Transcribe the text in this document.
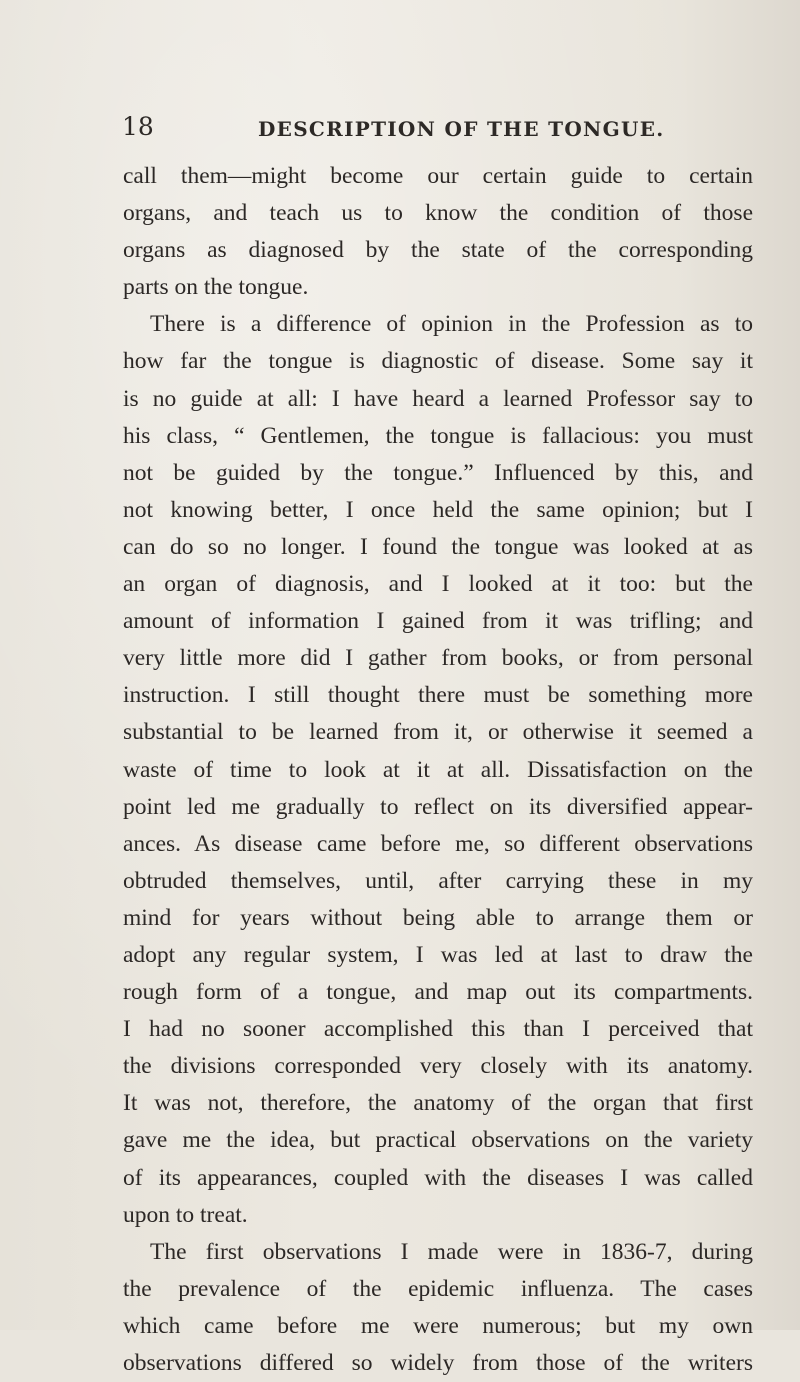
18	DESCRIPTION OF THE TONGUE.
call them—might become our certain guide to certain
organs, and teach us to know the condition of those
organs as diagnosed by the state of the corresponding
parts on the tongue.
There is a difference of opinion in the Profession as to
how far the tongue is diagnostic of disease. Some say it
is no guide at all: I have heard a learned Professor say to
his class, “ Gentlemen, the tongue is fallacious: you must
not be guided by the tongue.” Influenced by this, and
not knowing better, I once held the same opinion; but I
can do so no longer. I found the tongue was looked at as
an organ of diagnosis, and I looked at it too: but the
amount of information I gained from it was trifling; and
very little more did I gather from books, or from personal
instruction. I still thought there must be something more
substantial to be learned from it, or otherwise it seemed a
waste of time to look at it at all. Dissatisfaction on the
point led me gradually to reflect on its diversified appear-
ances. As disease came before me, so different observations
obtruded themselves, until, after carrying these in my
mind for years without being able to arrange them or
adopt any regular system, I was led at last to draw the
rough form of a tongue, and map out its compartments.
I had no sooner accomplished this than I perceived that
the divisions corresponded very closely with its anatomy.
It was not, therefore, the anatomy of the organ that first
gave me the idea, but practical observations on the variety
of its appearances, coupled with the diseases I was called
upon to treat.
The first observations I made were in 1836-7, during
the prevalence of the epidemic influenza. The cases
which came before me were numerous; but my own
observations differed so widely from those of the writers
